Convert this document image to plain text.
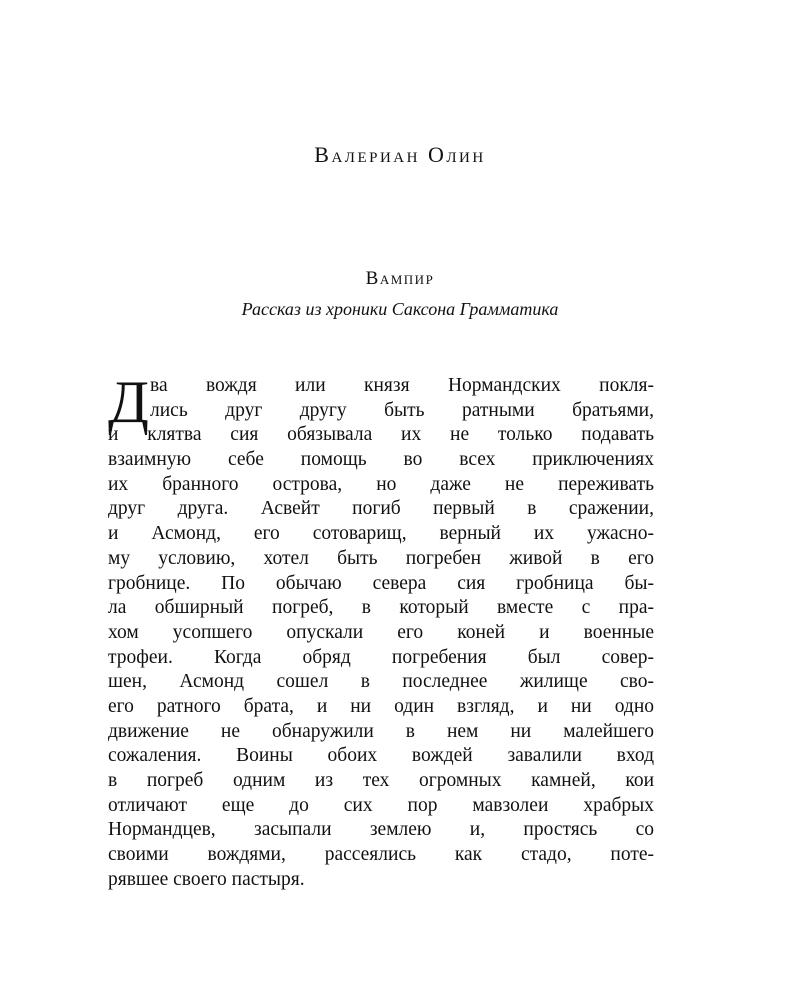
Валериан Олин
Вампир
Рассказ из хроники Саксона Грамматика
Д ва вождя или князя Нормандских покля-
лись друг другу быть ратными братьями,
и клятва сия обязывала их не только подавать
взаимную себе помощь во всех приключениях
их бранного острова, но даже не переживать
друг друга. Асвейт погиб первый в сражении,
и Асмонд, его сотоварищ, верный их ужасно-
му условию, хотел быть погребен живой в его
гробнице. По обычаю севера сия гробница бы-
ла обширный погреб, в который вместе с пра-
хом усопшего опускали его коней и военные
трофеи. Когда обряд погребения был совер-
шен, Асмонд сошел в последнее жилище сво-
его ратного брата, и ни один взгляд, и ни одно
движение не обнаружили в нем ни малейшего
сожаления. Воины обоих вождей завалили вход
в погреб одним из тех огромных камней, кои
отличают еще до сих пор мавзолеи храбрых
Нормандцев, засыпали землею и, простясь со
своими вождями, рассеялись как стадо, поте-
рявшее своего пастыря.
